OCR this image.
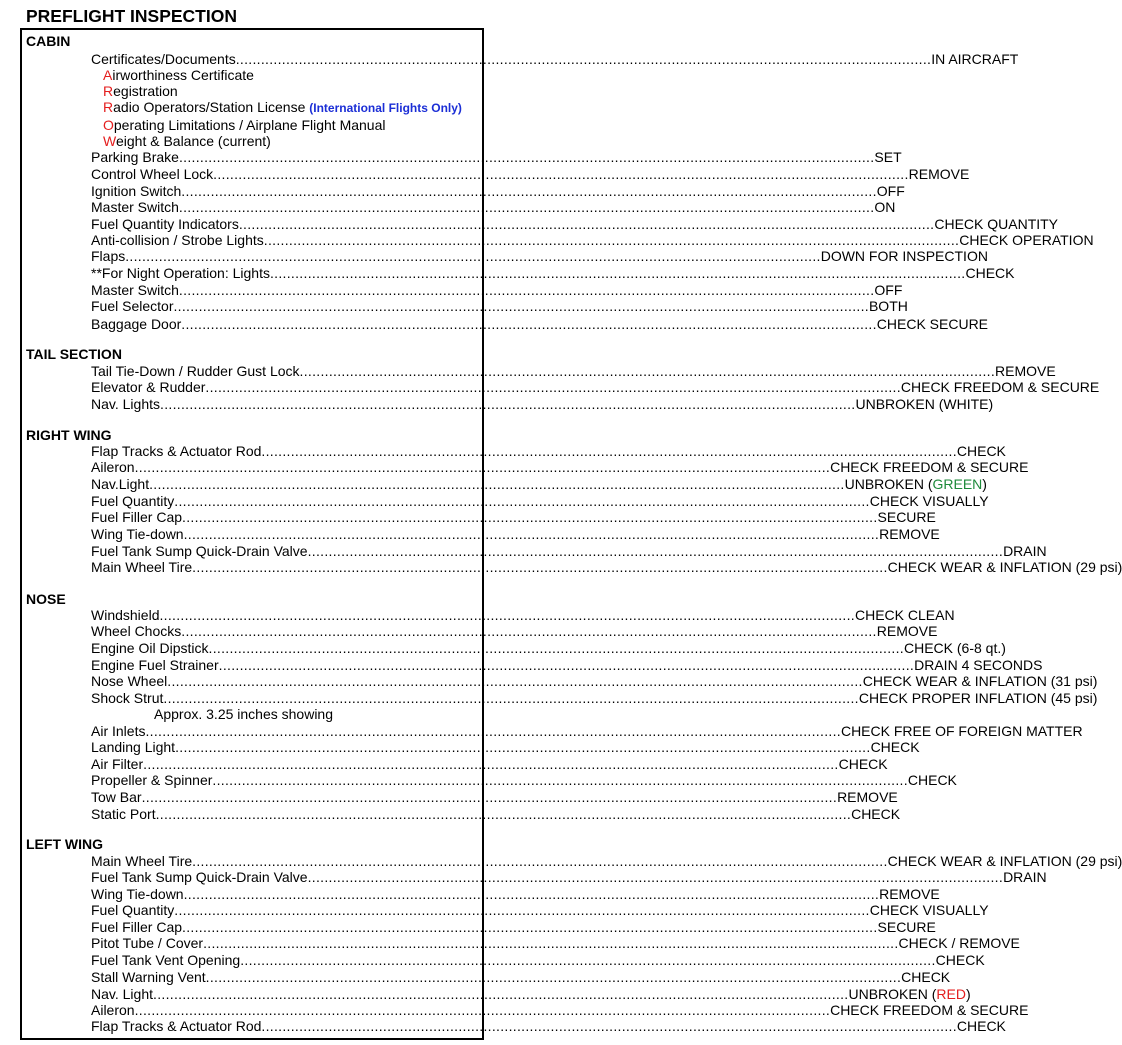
PREFLIGHT INSPECTION
CABIN
Certificates/Documents ...................................................................................................................................................................... IN AIRCRAFT
Airworthiness Certificate
Registration
Radio Operators/Station License (International Flights Only)
Operating Limitations / Airplane Flight Manual
Weight & Balance (current)
Parking Brake ...................................................................................................................................................................... SET
Control Wheel Lock ...................................................................................................................................................................... REMOVE
Ignition Switch ...................................................................................................................................................................... OFF
Master Switch ...................................................................................................................................................................... ON
Fuel Quantity Indicators ...................................................................................................................................................................... CHECK QUANTITY
Anti-collision / Strobe Lights ...................................................................................................................................................................... CHECK OPERATION
Flaps ...................................................................................................................................................................... DOWN FOR INSPECTION
**For Night Operation: Lights ...................................................................................................................................................................... CHECK
Master Switch ...................................................................................................................................................................... OFF
Fuel Selector ...................................................................................................................................................................... BOTH
Baggage Door ...................................................................................................................................................................... CHECK SECURE
TAIL SECTION
Tail Tie-Down / Rudder Gust Lock ...................................................................................................................................................................... REMOVE
Elevator & Rudder ...................................................................................................................................................................... CHECK FREEDOM & SECURE
Nav. Lights ...................................................................................................................................................................... UNBROKEN (WHITE)
RIGHT WING
Flap Tracks & Actuator Rod ...................................................................................................................................................................... CHECK
Aileron ...................................................................................................................................................................... CHECK FREEDOM & SECURE
Nav.Light ...................................................................................................................................................................... UNBROKEN (GREEN)
Fuel Quantity ...................................................................................................................................................................... CHECK VISUALLY
Fuel Filler Cap ...................................................................................................................................................................... SECURE
Wing Tie-down ...................................................................................................................................................................... REMOVE
Fuel Tank Sump Quick-Drain Valve ...................................................................................................................................................................... DRAIN
Main Wheel Tire ...................................................................................................................................................................... CHECK WEAR & INFLATION (29 psi)
NOSE
Windshield ...................................................................................................................................................................... CHECK CLEAN
Wheel Chocks ...................................................................................................................................................................... REMOVE
Engine Oil Dipstick ...................................................................................................................................................................... CHECK (6-8 qt.)
Engine Fuel Strainer ...................................................................................................................................................................... DRAIN 4 SECONDS
Nose Wheel ...................................................................................................................................................................... CHECK WEAR & INFLATION (31 psi)
Shock Strut ...................................................................................................................................................................... CHECK PROPER INFLATION (45 psi)
Approx. 3.25 inches showing
Air Inlets ...................................................................................................................................................................... CHECK FREE OF FOREIGN MATTER
Landing Light ...................................................................................................................................................................... CHECK
Air Filter ...................................................................................................................................................................... CHECK
Propeller & Spinner ...................................................................................................................................................................... CHECK
Tow Bar ...................................................................................................................................................................... REMOVE
Static Port ...................................................................................................................................................................... CHECK
LEFT WING
Main Wheel Tire ...................................................................................................................................................................... CHECK WEAR & INFLATION (29 psi)
Fuel Tank Sump Quick-Drain Valve ...................................................................................................................................................................... DRAIN
Wing Tie-down ...................................................................................................................................................................... REMOVE
Fuel Quantity ...................................................................................................................................................................... CHECK VISUALLY
Fuel Filler Cap ...................................................................................................................................................................... SECURE
Pitot Tube / Cover ...................................................................................................................................................................... CHECK / REMOVE
Fuel Tank Vent Opening ...................................................................................................................................................................... CHECK
Stall Warning Vent ...................................................................................................................................................................... CHECK
Nav. Light ...................................................................................................................................................................... UNBROKEN (RED)
Aileron ...................................................................................................................................................................... CHECK FREEDOM & SECURE
Flap Tracks & Actuator Rod ...................................................................................................................................................................... CHECK
